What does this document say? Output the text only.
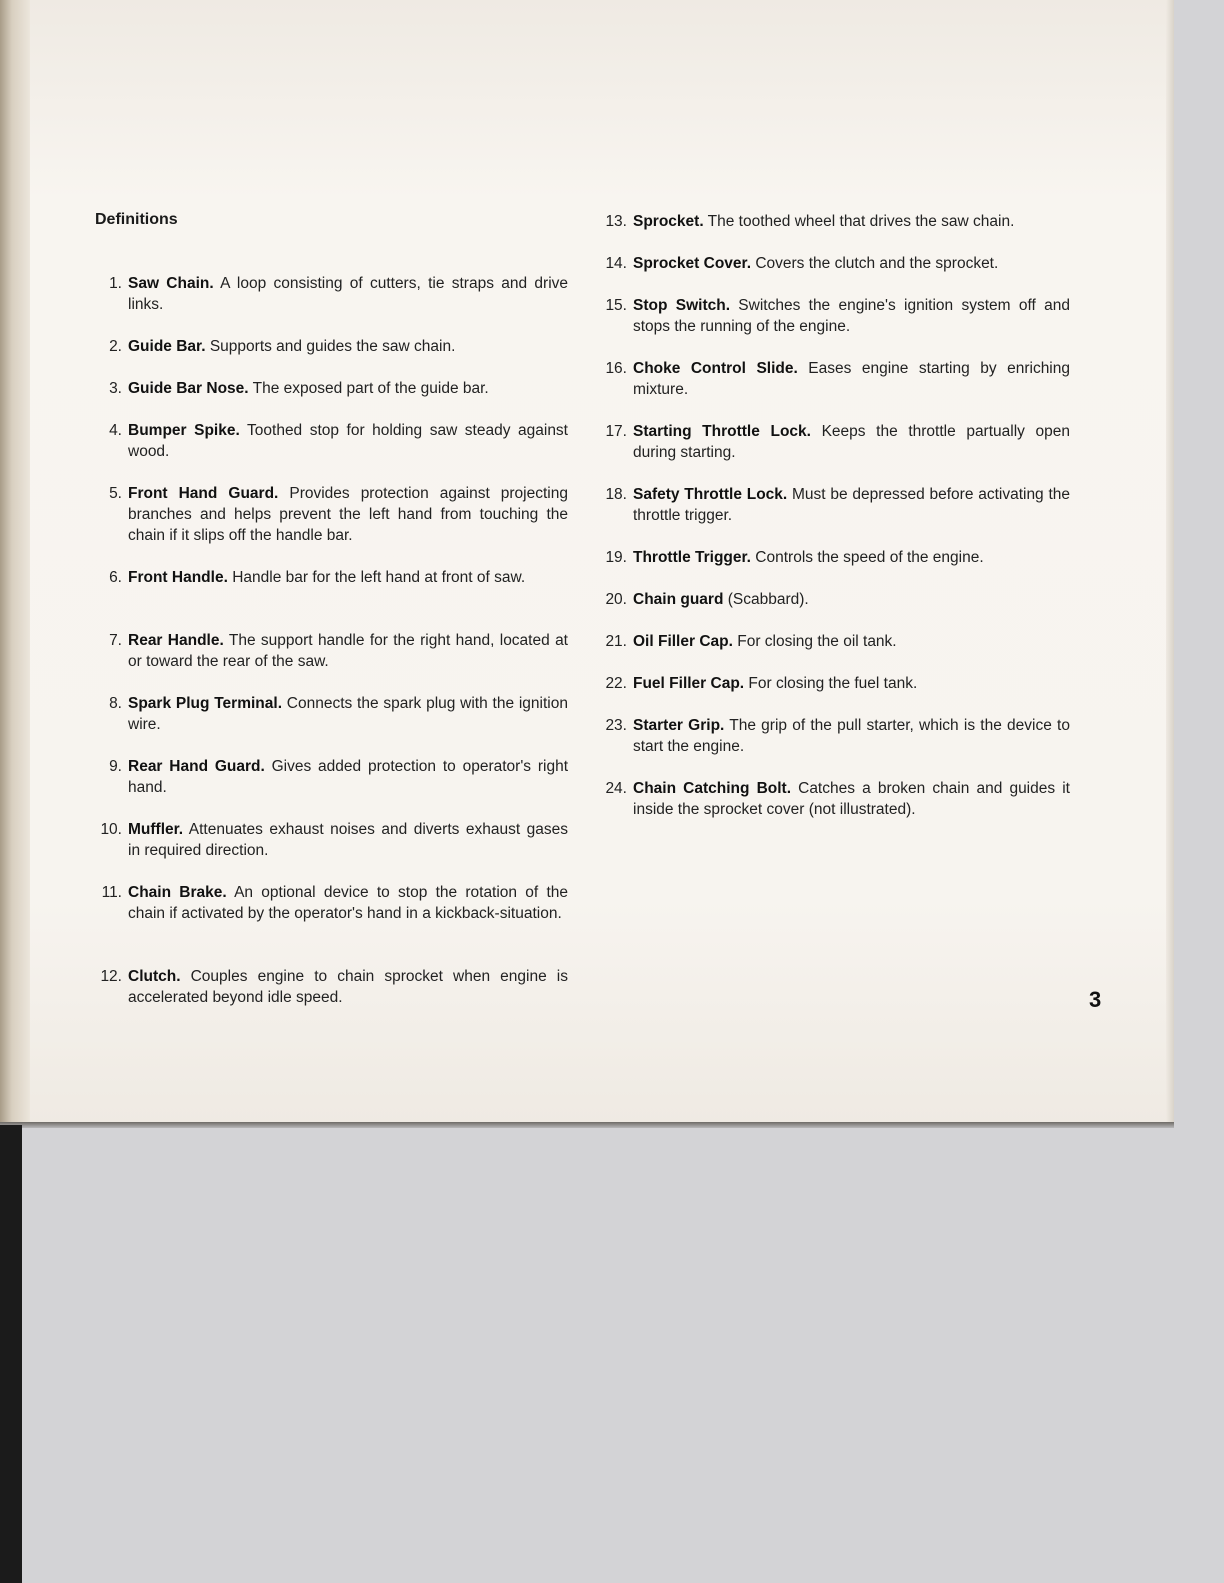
Definitions
1. Saw Chain. A loop consisting of cutters, tie straps and drive links.
2. Guide Bar. Supports and guides the saw chain.
3. Guide Bar Nose. The exposed part of the guide bar.
4. Bumper Spike. Toothed stop for holding saw steady against wood.
5. Front Hand Guard. Provides protection against projecting branches and helps prevent the left hand from touching the chain if it slips off the handle bar.
6. Front Handle. Handle bar for the left hand at front of saw.
7. Rear Handle. The support handle for the right hand, located at or toward the rear of the saw.
8. Spark Plug Terminal. Connects the spark plug with the ignition wire.
9. Rear Hand Guard. Gives added protection to operator's right hand.
10. Muffler. Attenuates exhaust noises and diverts exhaust gases in required direction.
11. Chain Brake. An optional device to stop the rotation of the chain if activated by the operator's hand in a kickback-situation.
12. Clutch. Couples engine to chain sprocket when engine is accelerated beyond idle speed.
13. Sprocket. The toothed wheel that drives the saw chain.
14. Sprocket Cover. Covers the clutch and the sprocket.
15. Stop Switch. Switches the engine's ignition system off and stops the running of the engine.
16. Choke Control Slide. Eases engine starting by enriching mixture.
17. Starting Throttle Lock. Keeps the throttle partually open during starting.
18. Safety Throttle Lock. Must be depressed before activating the throttle trigger.
19. Throttle Trigger. Controls the speed of the engine.
20. Chain guard (Scabbard).
21. Oil Filler Cap. For closing the oil tank.
22. Fuel Filler Cap. For closing the fuel tank.
23. Starter Grip. The grip of the pull starter, which is the device to start the engine.
24. Chain Catching Bolt. Catches a broken chain and guides it inside the sprocket cover (not illustrated).
3
